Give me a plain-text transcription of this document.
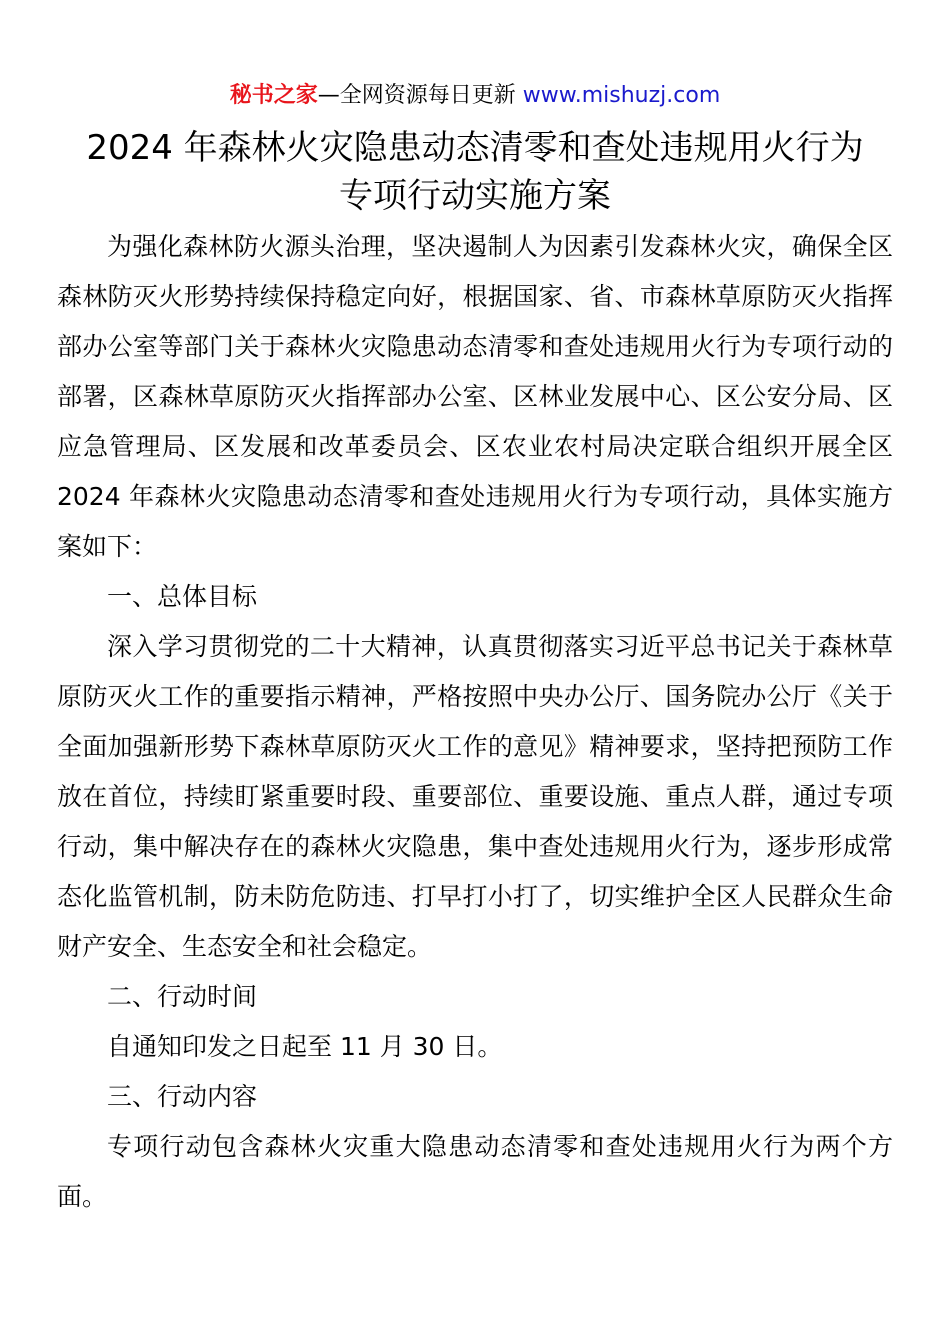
秘书之家—全网资源每日更新 www.mishuzj.com
2024 年森林火灾隐患动态清零和查处违规用火行为
专项行动实施方案

为强化森林防火源头治理，坚决遏制人为因素引发森林火灾，确保全区森林防灭火形势持续保持稳定向好，根据国家、省、市森林草原防灭火指挥部办公室等部门关于森林火灾隐患动态清零和查处违规用火行为专项行动的部署，区森林草原防灭火指挥部办公室、区林业发展中心、区公安分局、区应急管理局、区发展和改革委员会、区农业农村局决定联合组织开展全区 2024 年森林火灾隐患动态清零和查处违规用火行为专项行动，具体实施方案如下：

一、总体目标

深入学习贯彻党的二十大精神，认真贯彻落实习近平总书记关于森林草原防灭火工作的重要指示精神，严格按照中央办公厅、国务院办公厅《关于全面加强新形势下森林草原防灭火工作的意见》精神要求，坚持把预防工作放在首位，持续盯紧重要时段、重要部位、重要设施、重点人群，通过专项行动，集中解决存在的森林火灾隐患，集中查处违规用火行为，逐步形成常态化监管机制，防未防危防违、打早打小打了，切实维护全区人民群众生命财产安全、生态安全和社会稳定。

二、行动时间

自通知印发之日起至 11 月 30 日。

三、行动内容

专项行动包含森林火灾重大隐患动态清零和查处违规用火行为两个方面。
